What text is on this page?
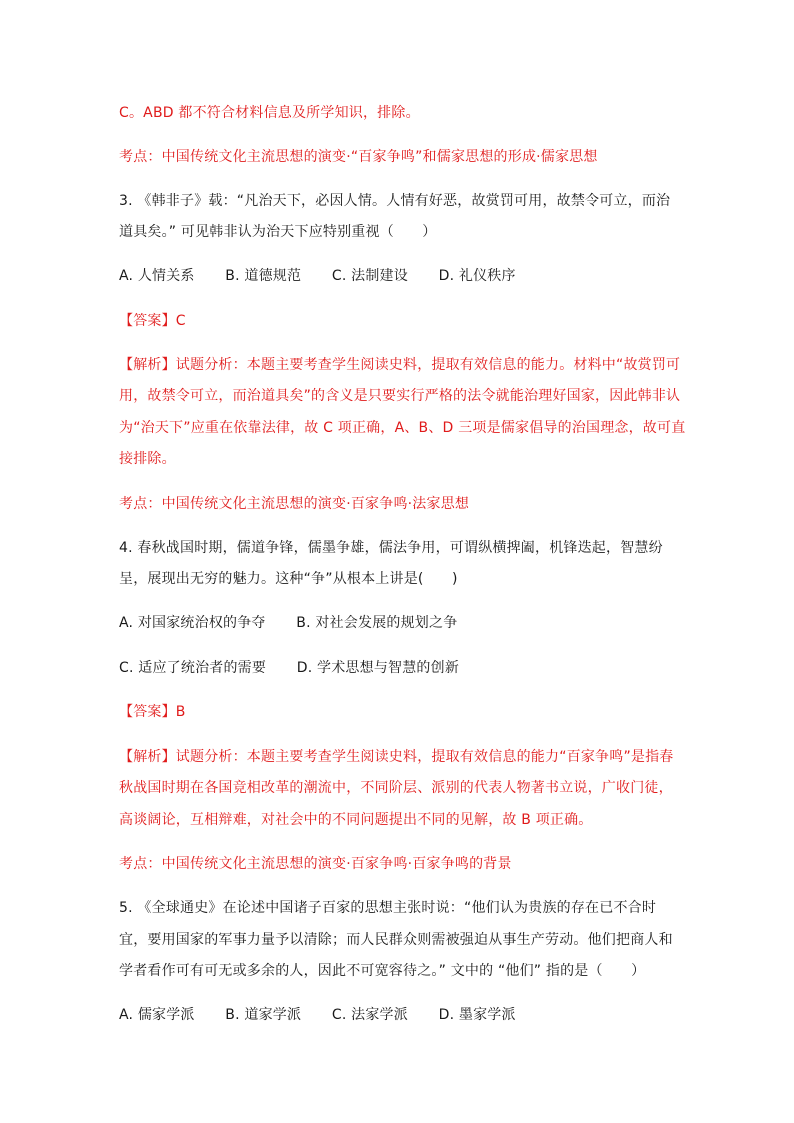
C。ABD 都不符合材料信息及所学知识，排除。
考点：中国传统文化主流思想的演变·“百家争鸣”和儒家思想的形成·儒家思想
3. 《韩非子》载：“凡治天下，必因人情。人情有好恶，故赏罚可用，故禁令可立，而治
道具矣。” 可见韩非认为治天下应特别重视（　　）
A. 人情关系 B. 道德规范 C. 法制建设 D. 礼仪秩序
【答案】C
【解析】试题分析：本题主要考查学生阅读史料，提取有效信息的能力。材料中“故赏罚可
用，故禁令可立，而治道具矣”的含义是只要实行严格的法令就能治理好国家，因此韩非认
为“治天下”应重在依靠法律，故 C 项正确，A、B、D 三项是儒家倡导的治国理念，故可直
接排除。
考点：中国传统文化主流思想的演变·百家争鸣·法家思想
4. 春秋战国时期，儒道争锋，儒墨争雄，儒法争用，可谓纵横捭阖，机锋迭起，智慧纷
呈，展现出无穷的魅力。这种“争”从根本上讲是(　　)
A. 对国家统治权的争夺 B. 对社会发展的规划之争
C. 适应了统治者的需要 D. 学术思想与智慧的创新
【答案】B
【解析】试题分析：本题主要考查学生阅读史料，提取有效信息的能力“百家争鸣”是指春
秋战国时期在各国竞相改革的潮流中，不同阶层、派别的代表人物著书立说，广收门徒，
高谈阔论，互相辩难，对社会中的不同问题提出不同的见解，故 B 项正确。
考点：中国传统文化主流思想的演变·百家争鸣·百家争鸣的背景
5. 《全球通史》在论述中国诸子百家的思想主张时说：“他们认为贵族的存在已不合时
宜，要用国家的军事力量予以清除；而人民群众则需被强迫从事生产劳动。他们把商人和
学者看作可有可无或多余的人，因此不可宽容待之。” 文中的 “他们” 指的是（　　）
A. 儒家学派 B. 道家学派 C. 法家学派 D. 墨家学派
